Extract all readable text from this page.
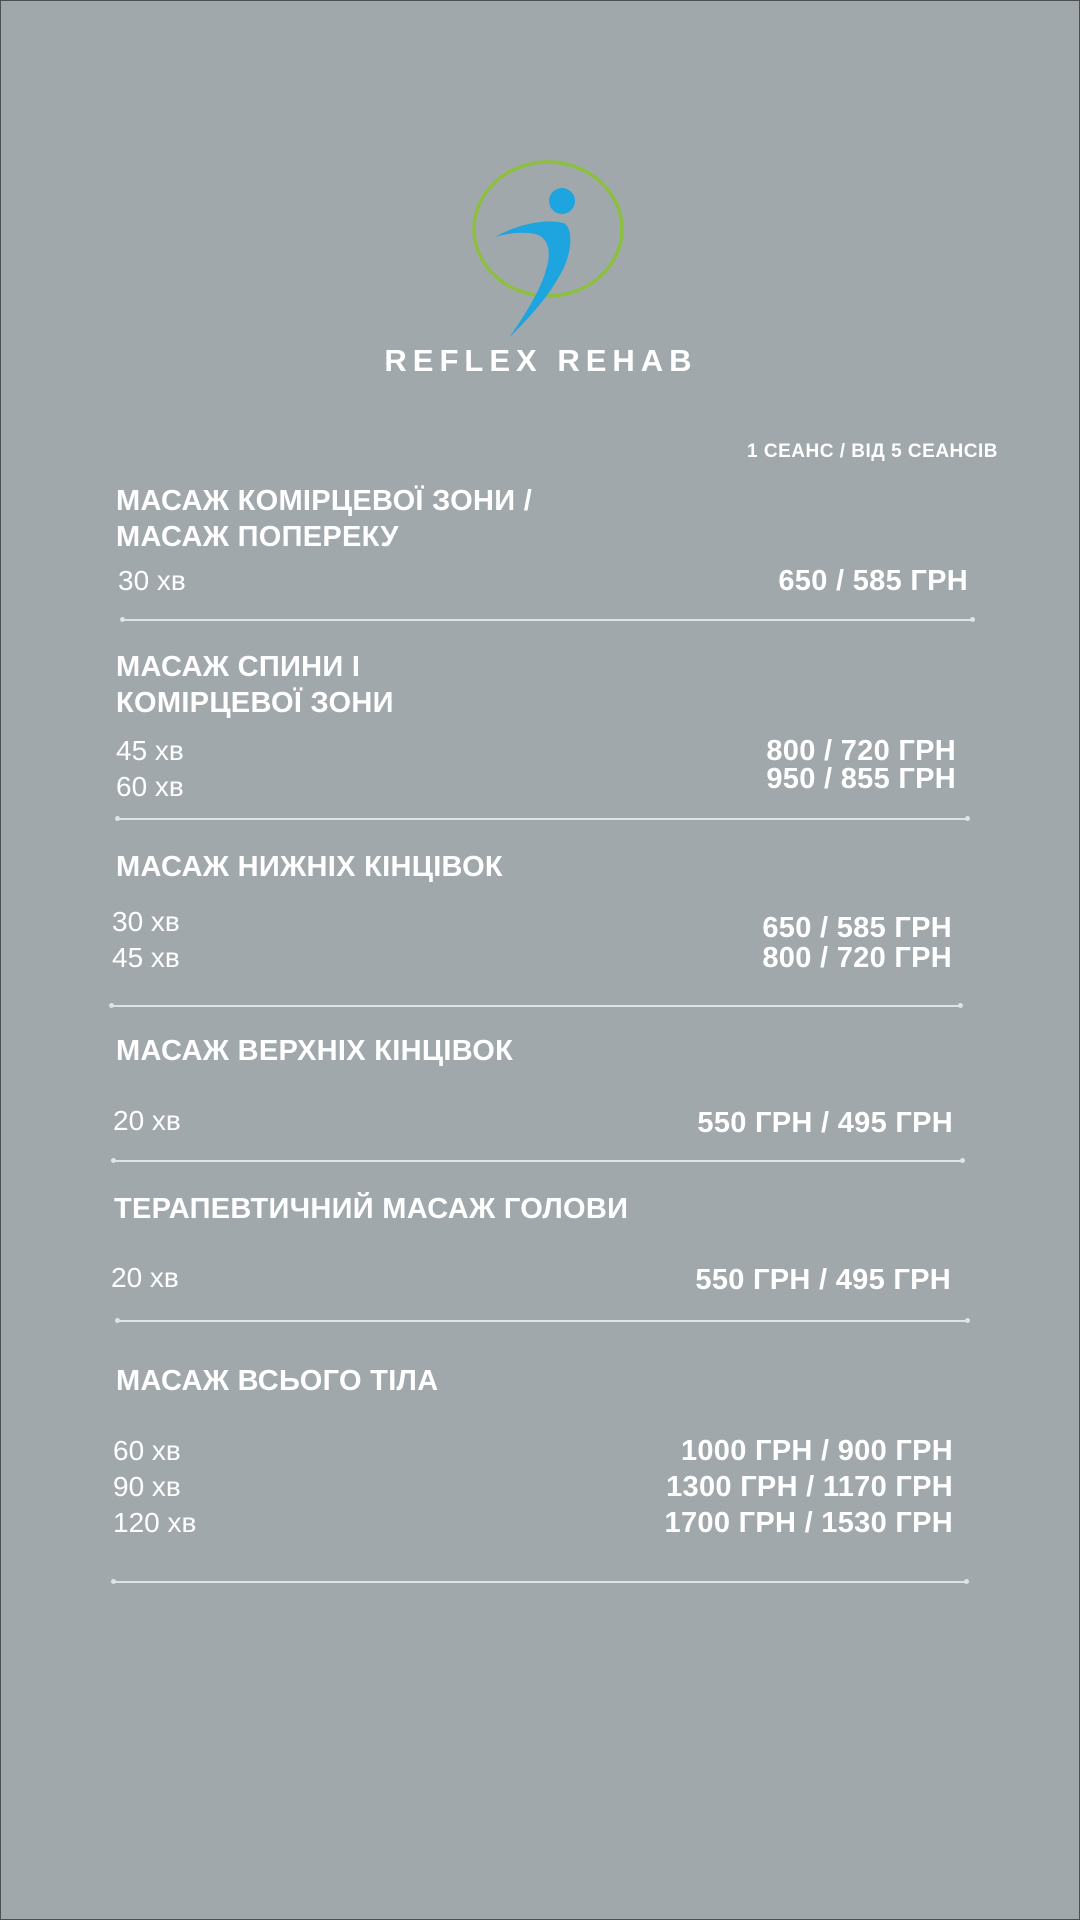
REFLEX REHAB
1 СЕАНС / ВІД 5 СЕАНСІВ
МАСАЖ КОМІРЦЕВОЇ ЗОНИ /
МАСАЖ ПОПЕРЕКУ
30 хв	650 / 585 ГРН
МАСАЖ СПИНИ І
КОМІРЦЕВОЇ ЗОНИ
45 хв	800 / 720 ГРН
60 хв	950 / 855 ГРН
МАСАЖ НИЖНІХ КІНЦІВОК
30 хв	650 / 585 ГРН
45 хв	800 / 720 ГРН
МАСАЖ ВЕРХНІХ КІНЦІВОК
20 хв	550 ГРН / 495 ГРН
ТЕРАПЕВТИЧНИЙ МАСАЖ ГОЛОВИ
20 хв	550 ГРН / 495 ГРН
МАСАЖ ВСЬОГО ТІЛА
60 хв	1000 ГРН / 900 ГРН
90 хв	1300 ГРН / 1170 ГРН
120 хв	1700 ГРН / 1530 ГРН
